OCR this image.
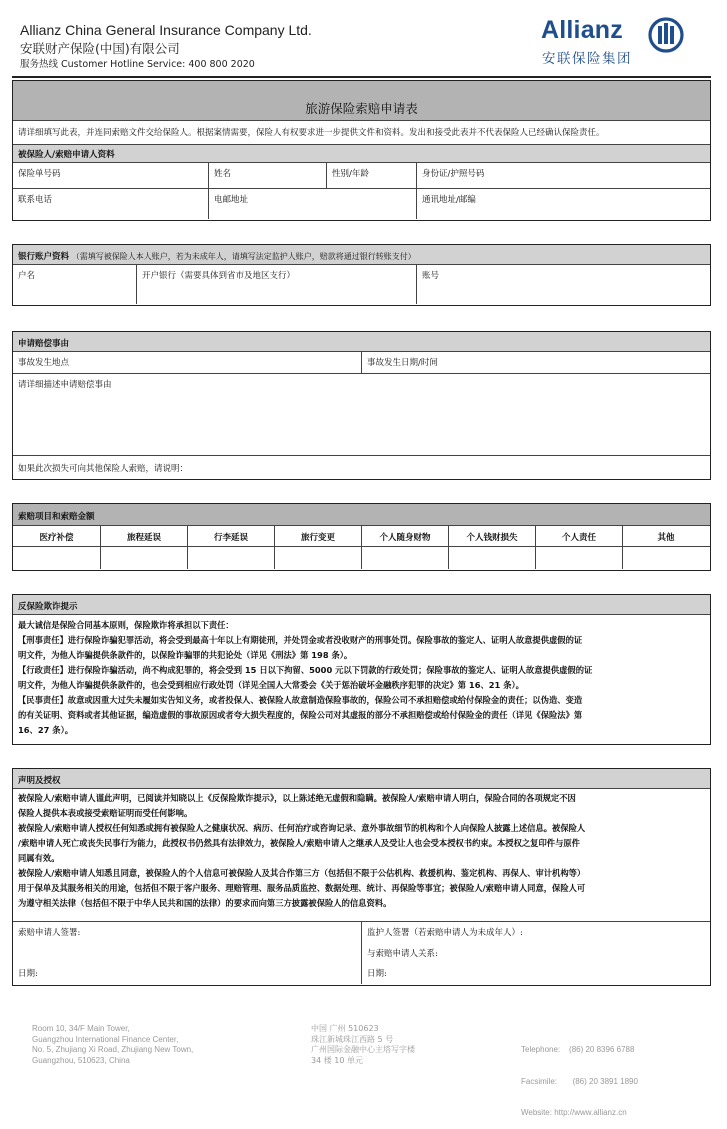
Allianz China General Insurance Company Ltd.
安联财产保险(中国)有限公司
服务热线 Customer Hotline Service: 400 800 2020
Allianz
安联保险集团
旅游保险索赔申请表
请详细填写此表，并连同索赔文件交给保险人。根据案情需要，保险人有权要求进一步提供文件和资料。发出和接受此表并不代表保险人已经确认保险责任。
被保险人/索赔申请人资料
保险单号码	姓名	性别/年龄	身份证/护照号码
联系电话	电邮地址	通讯地址/邮编
银行账户资料 （需填写被保险人本人账户，若为未成年人，请填写法定监护人账户，赔款将通过银行转账支付）
户名	开户银行（需要具体到省市及地区支行）	账号
申请赔偿事由
事故发生地点	事故发生日期/时间
请详细描述申请赔偿事由
如果此次损失可向其他保险人索赔，请说明：
索赔项目和索赔金额
医疗补偿	旅程延误	行李延误	旅行变更	个人随身财物	个人钱财损失	个人责任	其他
反保险欺诈提示
最大诚信是保险合同基本原则，保险欺诈将承担以下责任：
【刑事责任】进行保险诈骗犯罪活动，将会受到最高十年以上有期徒刑，并处罚金或者没收财产的刑事处罚。保险事故的鉴定人、证明人故意提供虚假的证
明文件，为他人诈骗提供条款件的，以保险诈骗罪的共犯论处（详见《刑法》第 198 条）。
【行政责任】进行保险诈骗活动，尚不构成犯罪的，将会受到 15 日以下拘留、5000 元以下罚款的行政处罚；保险事故的鉴定人、证明人故意提供虚假的证
明文件，为他人诈骗提供条款件的，也会受到相应行政处罚（详见全国人大常委会《关于惩治破坏金融秩序犯罪的决定》第 16、21 条）。
【民事责任】故意或因重大过失未履如实告知义务，或者投保人、被保险人故意制造保险事故的，保险公司不承担赔偿或给付保险金的责任；以伪造、变造
的有关证明、资料或者其他证据，编造虚假的事故原因或者夸大损失程度的，保险公司对其虚报的部分不承担赔偿或给付保险金的责任（详见《保险法》第
16、27 条）。
声明及授权
被保险人/索赔申请人谨此声明，已阅读并知晓以上《反保险欺诈提示》，以上陈述绝无虚假和隐瞒。被保险人/索赔申请人明白，保险合同的各项规定不因
保险人提供本表或接受索赔证明而受任何影响。
被保险人/索赔申请人授权任何知悉或拥有被保险人之健康状况、病历、任何治疗或咨询记录、意外事故细节的机构和个人向保险人披露上述信息。被保险人
/索赔申请人死亡或丧失民事行为能力，此授权书仍然具有法律效力，被保险人/索赔申请人之继承人及受让人也会受本授权书约束。本授权之复印件与原件
同属有效。
被保险人/索赔申请人知悉且同意，被保险人的个人信息可被保险人及其合作第三方（包括但不限于公估机构、救援机构、鉴定机构、再保人、审计机构等）
用于保单及其服务相关的用途，包括但不限于客户服务、理赔管理、服务品质监控、数据处理、统计、再保险等事宜；被保险人/索赔申请人同意，保险人可
为遵守相关法律（包括但不限于中华人民共和国的法律）的要求而向第三方披露被保险人的信息资料。
索赔申请人签署:
日期:
监护人签署（若索赔申请人为未成年人）:
与索赔申请人关系:
日期:
Room 10, 34/F Main Tower,
Guangzhou International Finance Center,
No. 5, Zhujiang Xi Road, Zhujiang New Town,
Guangzhou, 510623, China
中国 广州 510623
珠江新城珠江西路 5 号
广州国际金融中心主塔写字楼
34 楼 10 单元

Telephone:    (86) 20 8396 6788

Facsimile:       (86) 20 3891 1890

Website: http://www.allianz.cn
